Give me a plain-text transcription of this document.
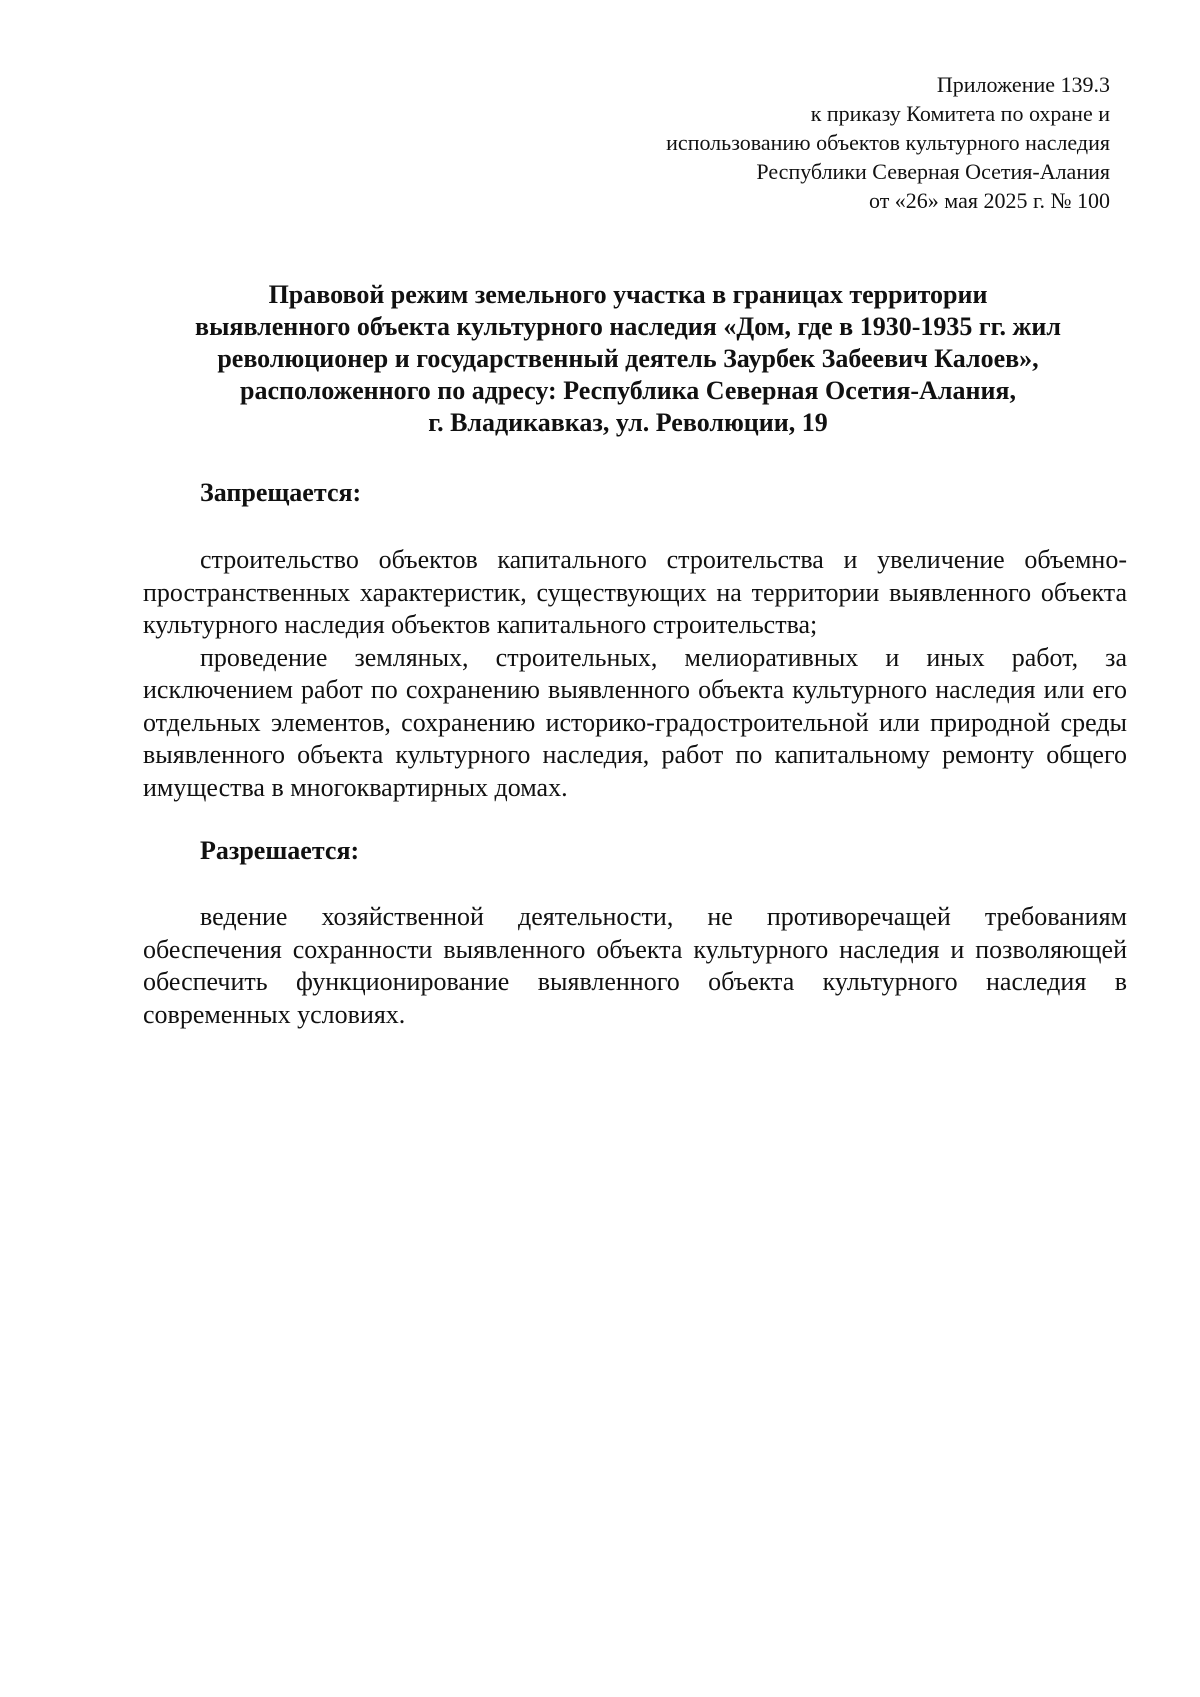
Приложение 139.3
к приказу Комитета по охране и
использованию объектов культурного наследия
Республики Северная Осетия-Алания
от «26» мая 2025 г. № 100
Правовой режим земельного участка в границах территории
выявленного объекта культурного наследия «Дом, где в 1930-1935 гг. жил
революционер и государственный деятель Заурбек Забеевич Калоев»,
расположенного по адресу: Республика Северная Осетия-Алания,
г. Владикавказ, ул. Революции, 19
Запрещается:

строительство объектов капитального строительства и увеличение объемно-пространственных характеристик, существующих на территории выявленного объекта культурного наследия объектов капитального строительства;

проведение земляных, строительных, мелиоративных и иных работ, за исключением работ по сохранению выявленного объекта культурного наследия или его отдельных элементов, сохранению историко-градостроительной или природной среды выявленного объекта культурного наследия, работ по капитальному ремонту общего имущества в многоквартирных домах.

Разрешается:

ведение хозяйственной деятельности, не противоречащей требованиям обеспечения сохранности выявленного объекта культурного наследия и позволяющей обеспечить функционирование выявленного объекта культурного наследия в современных условиях.
